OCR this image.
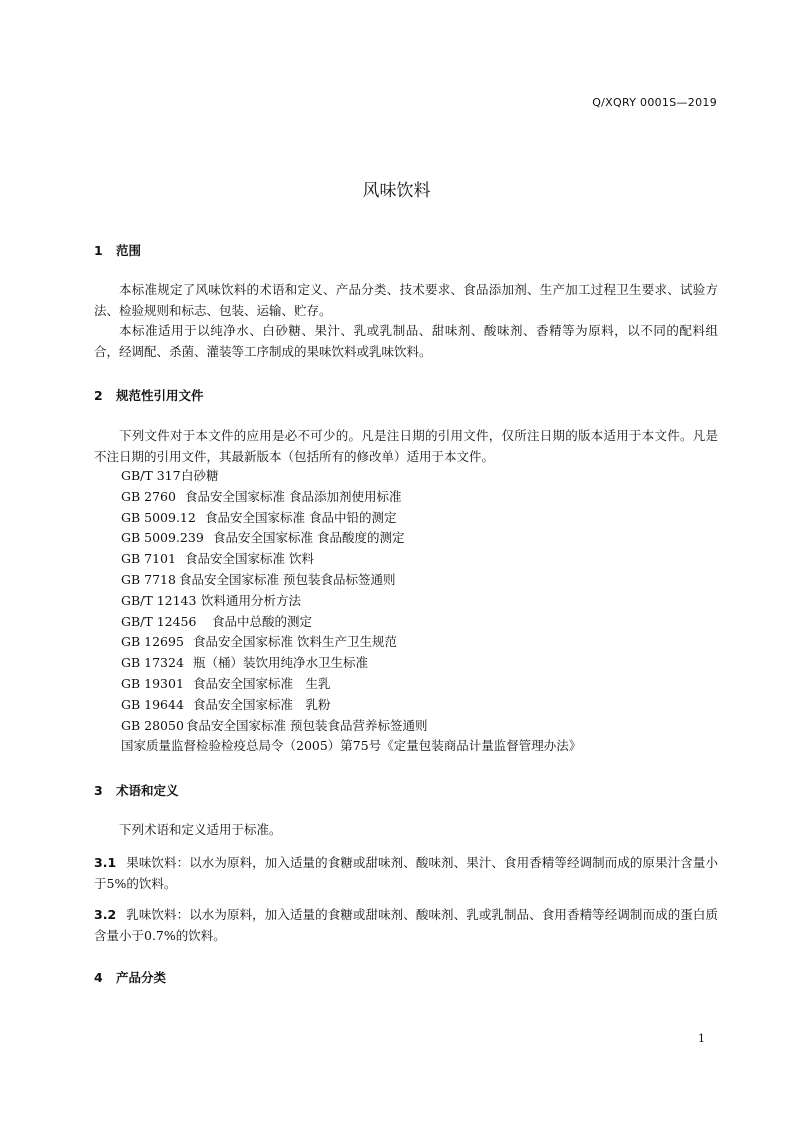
Q/XQRY 0001S—2019
风味饮料
1 范围
本标准规定了风味饮料的术语和定义、产品分类、技术要求、食品添加剂、生产加工过程卫生要求、试验方法、检验规则和标志、包装、运输、贮存。
本标准适用于以纯净水、白砂糖、果汁、乳或乳制品、甜味剂、酸味剂、香精等为原料，以不同的配料组合，经调配、杀菌、灌装等工序制成的果味饮料或乳味饮料。
2 规范性引用文件
下列文件对于本文件的应用是必不可少的。凡是注日期的引用文件，仅所注日期的版本适用于本文件。凡是不注日期的引用文件，其最新版本（包括所有的修改单）适用于本文件。
GB/T 317白砂糖
GB 2760 食品安全国家标准 食品添加剂使用标准
GB 5009.12 食品安全国家标准 食品中铅的测定
GB 5009.239 食品安全国家标准 食品酸度的测定
GB 7101 食品安全国家标准 饮料
GB 7718 食品安全国家标准 预包装食品标签通则
GB/T 12143 饮料通用分析方法
GB/T 12456 食品中总酸的测定
GB 12695 食品安全国家标准 饮料生产卫生规范
GB 17324 瓶（桶）装饮用纯净水卫生标准
GB 19301 食品安全国家标准　生乳
GB 19644 食品安全国家标准　乳粉
GB 28050 食品安全国家标准 预包装食品营养标签通则
国家质量监督检验检疫总局令（2005）第75号《定量包装商品计量监督管理办法》
3 术语和定义
下列术语和定义适用于标准。
3.1 果味饮料：以水为原料，加入适量的食糖或甜味剂、酸味剂、果汁、食用香精等经调制而成的原果汁含量小于5%的饮料。
3.2 乳味饮料：以水为原料，加入适量的食糖或甜味剂、酸味剂、乳或乳制品、食用香精等经调制而成的蛋白质含量小于0.7%的饮料。
4 产品分类
1
